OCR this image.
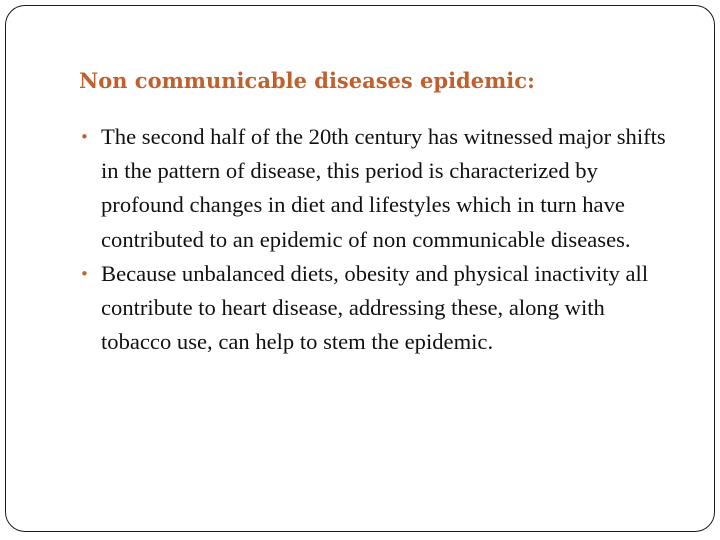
Non communicable diseases epidemic:
• The second half of the 20th century has witnessed major shifts in the pattern of disease, this period is characterized by profound changes in diet and lifestyles which in turn have contributed to an epidemic of non communicable diseases.
• Because unbalanced diets, obesity and physical inactivity all contribute to heart disease, addressing these, along with tobacco use, can help to stem the epidemic.
